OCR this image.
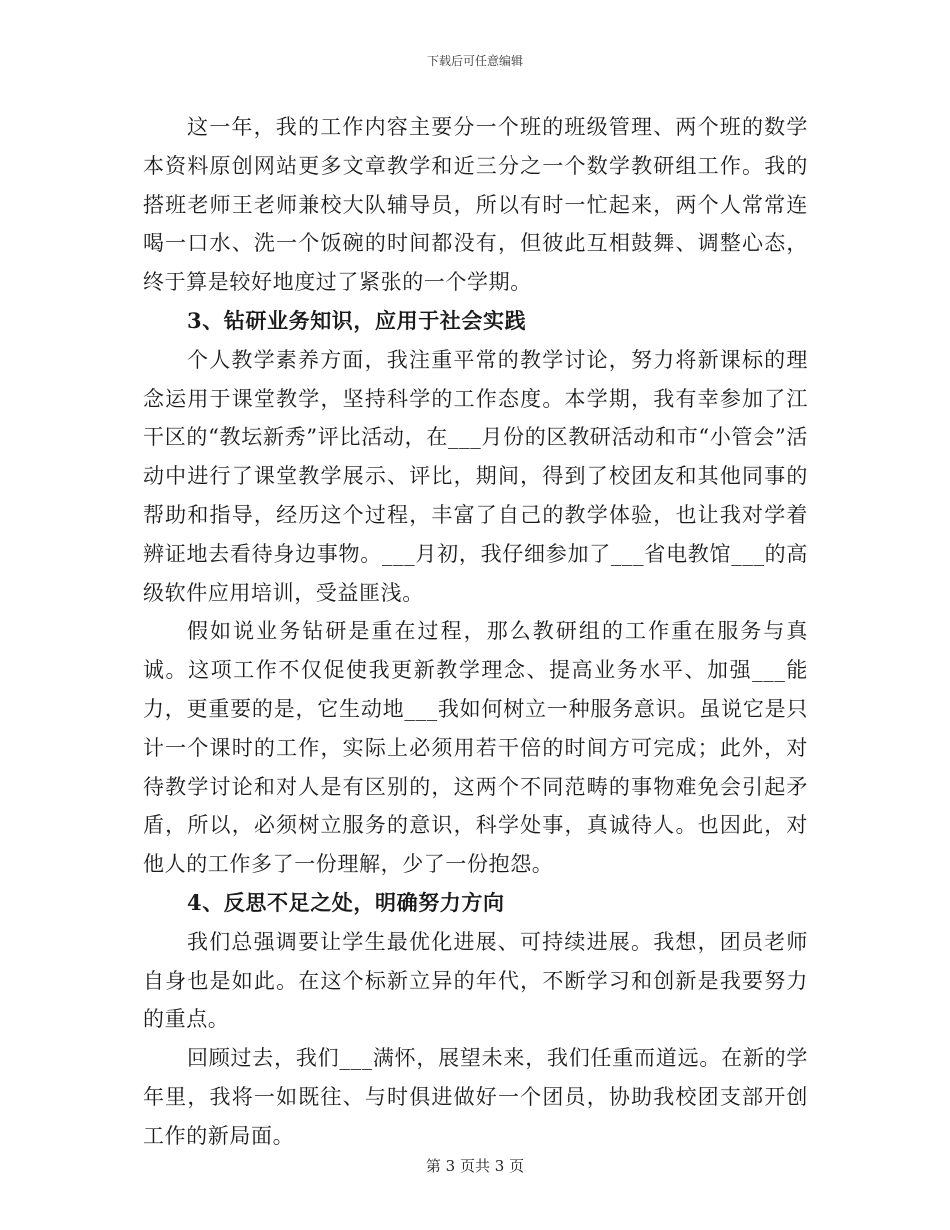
下载后可任意编辑

这一年，我的工作内容主要分一个班的班级管理、两个班的数学本资料原创网站更多文章教学和近三分之一个数学教研组工作。我的搭班老师王老师兼校大队辅导员，所以有时一忙起来，两个人常常连喝一口水、洗一个饭碗的时间都没有，但彼此互相鼓舞、调整心态，终于算是较好地度过了紧张的一个学期。

3、钻研业务知识，应用于社会实践

个人教学素养方面，我注重平常的教学讨论，努力将新课标的理念运用于课堂教学，坚持科学的工作态度。本学期，我有幸参加了江干区的“教坛新秀”评比活动，在___月份的区教研活动和市“小管会”活动中进行了课堂教学展示、评比，期间，得到了校团友和其他同事的帮助和指导，经历这个过程，丰富了自己的教学体验，也让我对学着辨证地去看待身边事物。___月初，我仔细参加了___省电教馆___的高级软件应用培训，受益匪浅。

假如说业务钻研是重在过程，那么教研组的工作重在服务与真诚。这项工作不仅促使我更新教学理念、提高业务水平、加强___能力，更重要的是，它生动地___我如何树立一种服务意识。虽说它是只计一个课时的工作，实际上必须用若干倍的时间方可完成；此外，对待教学讨论和对人是有区别的，这两个不同范畴的事物难免会引起矛盾，所以，必须树立服务的意识，科学处事，真诚待人。也因此，对他人的工作多了一份理解，少了一份抱怨。

4、反思不足之处，明确努力方向

我们总强调要让学生最优化进展、可持续进展。我想，团员老师自身也是如此。在这个标新立异的年代，不断学习和创新是我要努力的重点。

回顾过去，我们___满怀，展望未来，我们任重而道远。在新的学年里，我将一如既往、与时俱进做好一个团员，协助我校团支部开创工作的新局面。

第 3 页共 3 页
